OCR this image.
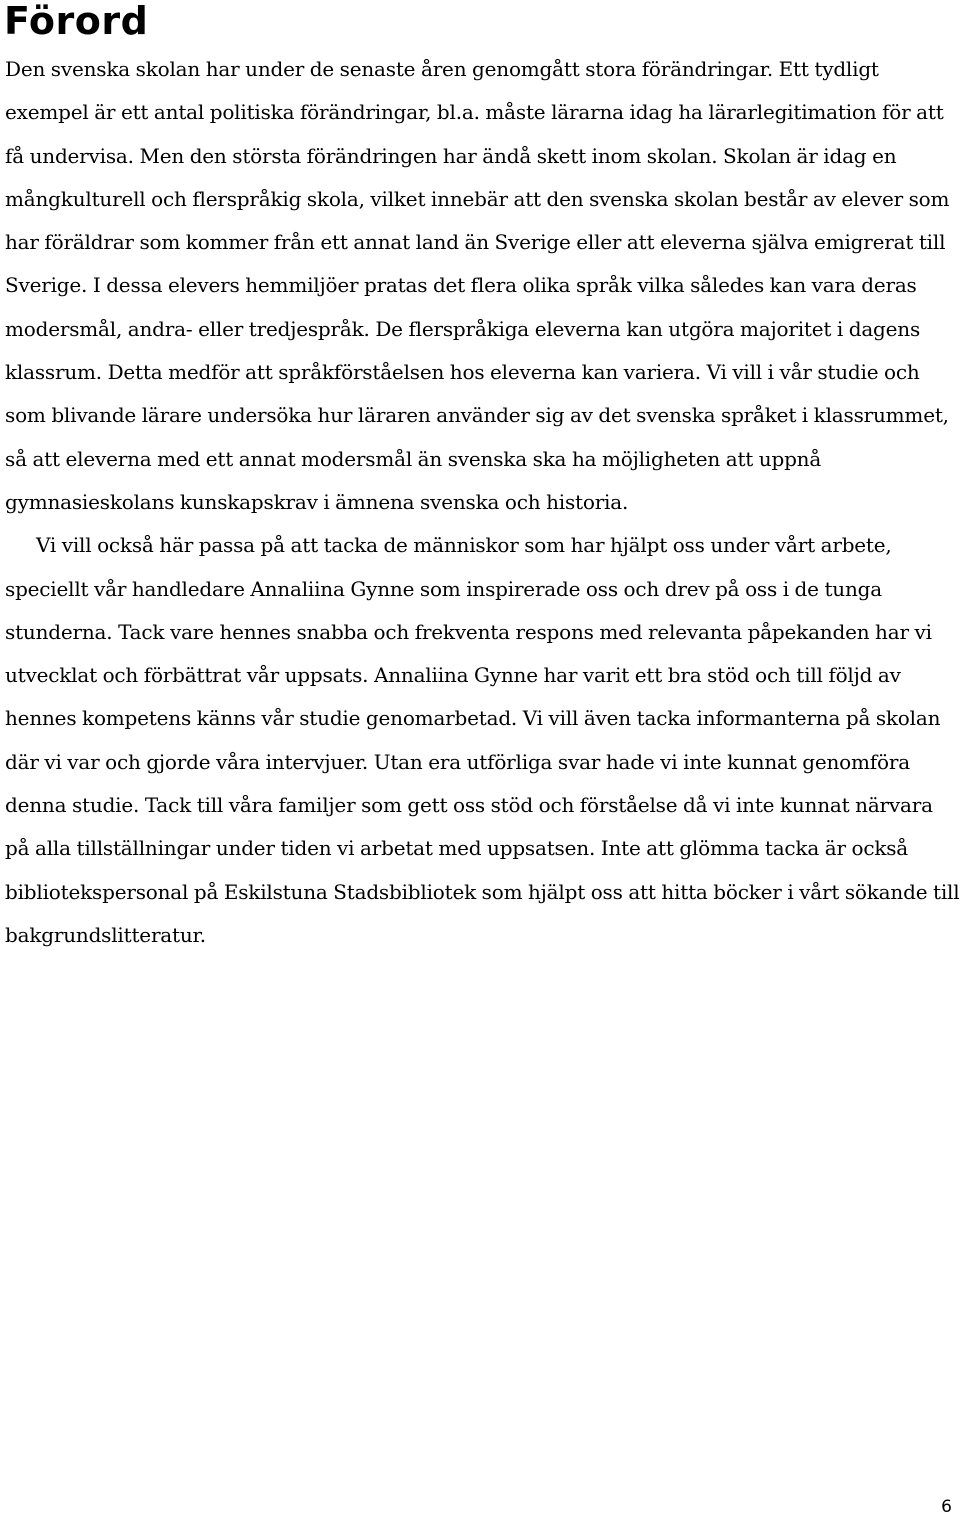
Förord

Den svenska skolan har under de senaste åren genomgått stora förändringar. Ett tydligt exempel är ett antal politiska förändringar, bl.a. måste lärarna idag ha lärarlegitimation för att få undervisa. Men den största förändringen har ändå skett inom skolan. Skolan är idag en mångkulturell och flerspråkig skola, vilket innebär att den svenska skolan består av elever som har föräldrar som kommer från ett annat land än Sverige eller att eleverna själva emigrerat till Sverige. I dessa elevers hemmiljöer pratas det flera olika språk vilka således kan vara deras modersmål, andra- eller tredjespråk. De flerspråkiga eleverna kan utgöra majoritet i dagens klassrum. Detta medför att språkförståelsen hos eleverna kan variera. Vi vill i vår studie och som blivande lärare undersöka hur läraren använder sig av det svenska språket i klassrummet, så att eleverna med ett annat modersmål än svenska ska ha möjligheten att uppnå gymnasieskolans kunskapskrav i ämnena svenska och historia.

Vi vill också här passa på att tacka de människor som har hjälpt oss under vårt arbete, speciellt vår handledare Annaliina Gynne som inspirerade oss och drev på oss i de tunga stunderna. Tack vare hennes snabba och frekventa respons med relevanta påpekanden har vi utvecklat och förbättrat vår uppsats. Annaliina Gynne har varit ett bra stöd och till följd av hennes kompetens känns vår studie genomarbetad. Vi vill även tacka informanterna på skolan där vi var och gjorde våra intervjuer. Utan era utförliga svar hade vi inte kunnat genomföra denna studie. Tack till våra familjer som gett oss stöd och förståelse då vi inte kunnat närvara på alla tillställningar under tiden vi arbetat med uppsatsen. Inte att glömma tacka är också bibliotekspersonal på Eskilstuna Stadsbibliotek som hjälpt oss att hitta böcker i vårt sökande till bakgrundslitteratur.

6
